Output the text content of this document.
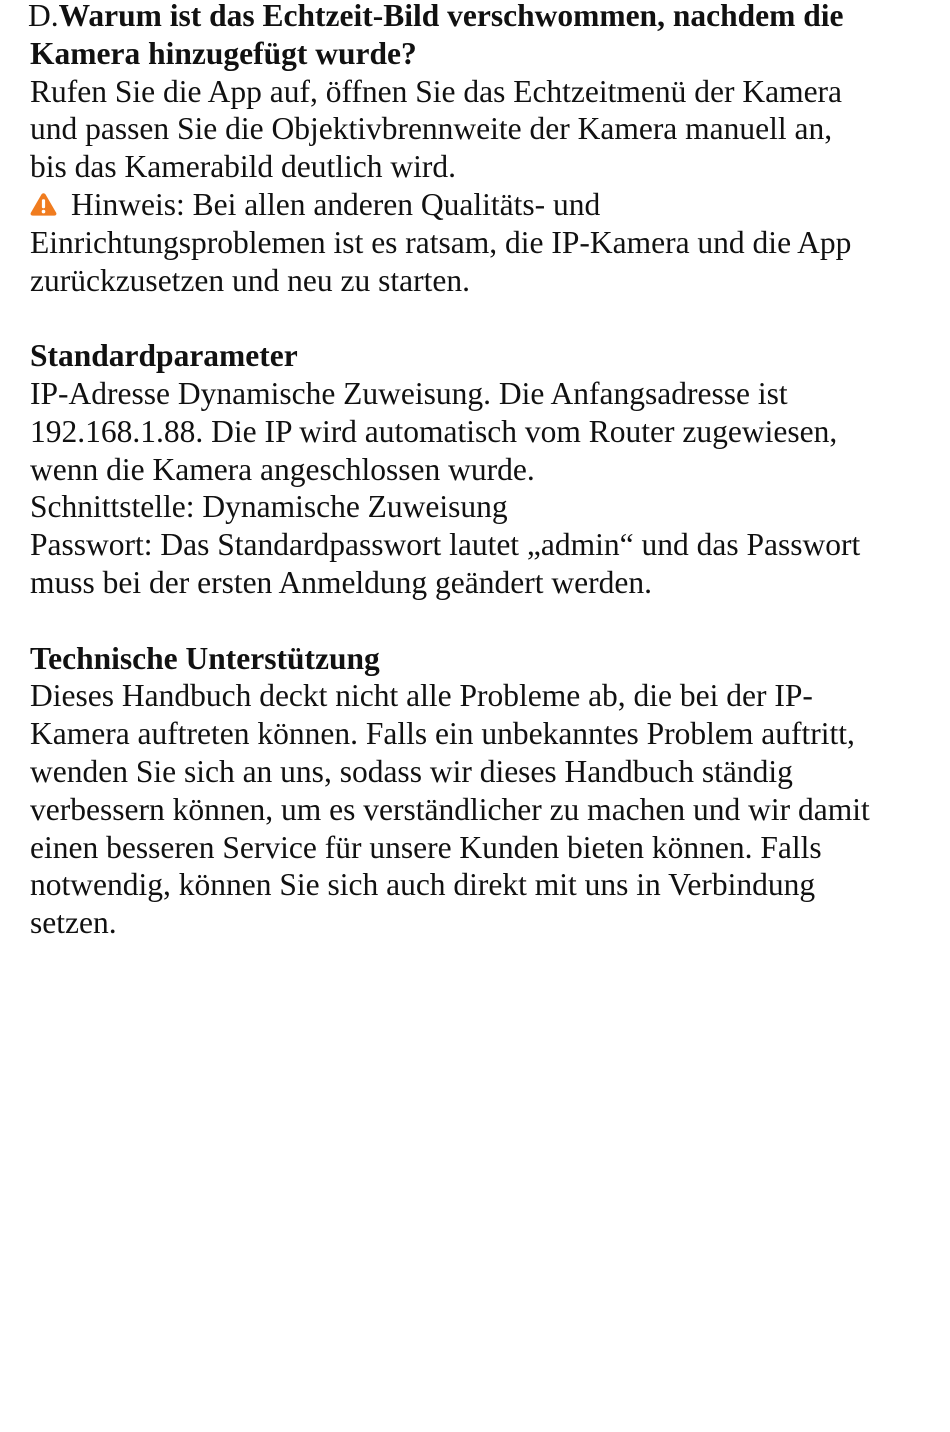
D.Warum ist das Echtzeit-Bild verschwommen, nachdem die
Kamera hinzugefügt wurde?
Rufen Sie die App auf, öffnen Sie das Echtzeitmenü der Kamera
und passen Sie die Objektivbrennweite der Kamera manuell an,
bis das Kamerabild deutlich wird.
Hinweis: Bei allen anderen Qualitäts- und
Einrichtungsproblemen ist es ratsam, die IP-Kamera und die App
zurückzusetzen und neu zu starten.
Standardparameter
IP-Adresse Dynamische Zuweisung. Die Anfangsadresse ist
192.168.1.88. Die IP wird automatisch vom Router zugewiesen,
wenn die Kamera angeschlossen wurde.
Schnittstelle: Dynamische Zuweisung
Passwort: Das Standardpasswort lautet „admin“ und das Passwort
muss bei der ersten Anmeldung geändert werden.
Technische Unterstützung
Dieses Handbuch deckt nicht alle Probleme ab, die bei der IP-
Kamera auftreten können. Falls ein unbekanntes Problem auftritt,
wenden Sie sich an uns, sodass wir dieses Handbuch ständig
verbessern können, um es verständlicher zu machen und wir damit
einen besseren Service für unsere Kunden bieten können. Falls
notwendig, können Sie sich auch direkt mit uns in Verbindung
setzen.
